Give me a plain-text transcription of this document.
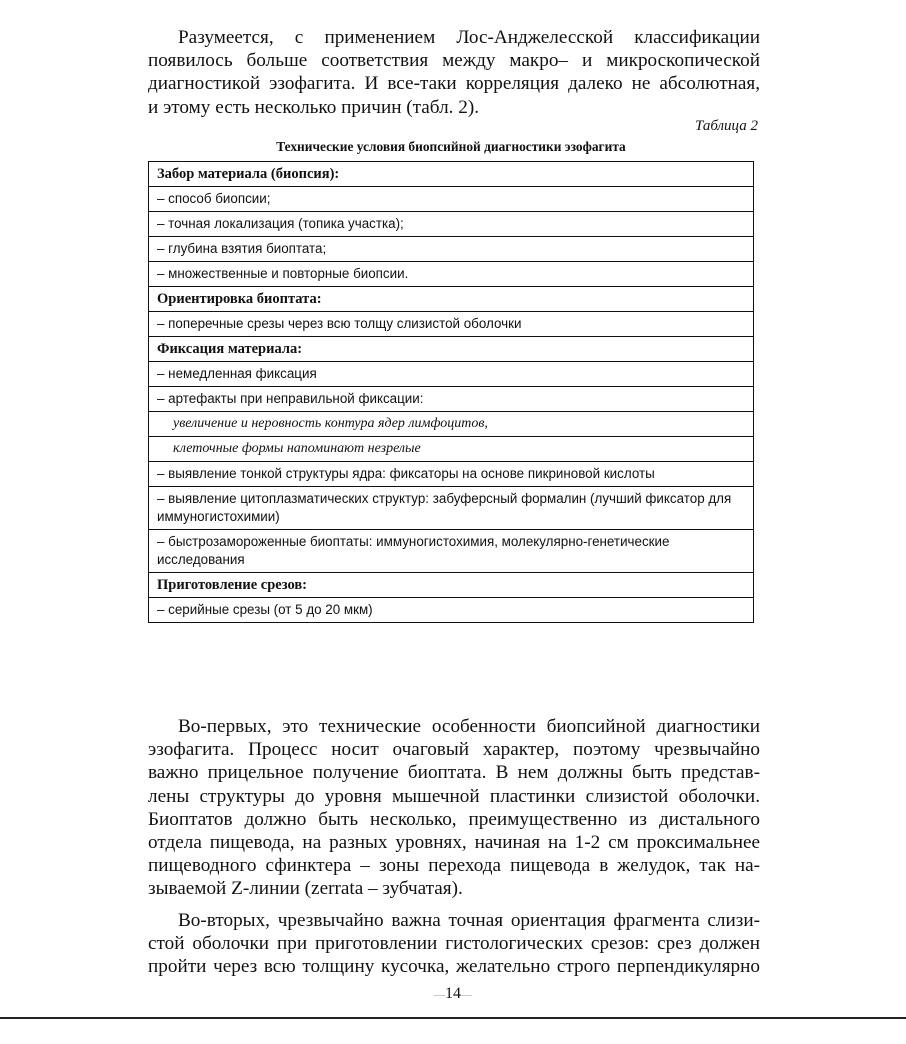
Разумеется, с применением Лос-Анджелесской классификации
появилось больше соответствия между макро– и микроскопической
диагностикой эзофагита. И все-таки корреляция далеко не абсолютная,
и этому есть несколько причин (табл. 2).

Таблица 2
Технические условия биопсийной диагностики эзофагита
Забор материала (биопсия):
– способ биопсии;
– точная локализация (топика участка);
– глубина взятия биоптата;
– множественные и повторные биопсии.
Ориентировка биоптата:
– поперечные срезы через всю толщу слизистой оболочки
Фиксация материала:
– немедленная фиксация
– артефакты при неправильной фиксации:
увеличение и неровность контура ядер лимфоцитов,
клеточные формы напоминают незрелые
– выявление тонкой структуры ядра: фиксаторы на основе пикриновой кислоты
– выявление цитоплазматических структур: забуферсный формалин (лучший фиксатор для иммуногистохимии)
– быстрозамороженные биоптаты: иммуногистохимия, молекулярно-генетические исследования
Приготовление срезов:
– серийные срезы (от 5 до 20 мкм)

Во-первых, это технические особенности биопсийной диагностики
эзофагита. Процесс носит очаговый характер, поэтому чрезвычайно
важно прицельное получение биоптата. В нем должны быть представ-
лены структуры до уровня мышечной пластинки слизистой оболочки.
Биоптатов должно быть несколько, преимущественно из дистального
отдела пищевода, на разных уровнях, начиная на 1-2 см проксимальнее
пищеводного сфинктера – зоны перехода пищевода в желудок, так на-
зываемой Z-линии (zerrata – зубчатая).

Во-вторых, чрезвычайно важна точная ориентация фрагмента слизи-
стой оболочки при приготовлении гистологических срезов: срез должен
пройти через всю толщину кусочка, желательно строго перпендикулярно

—14—
